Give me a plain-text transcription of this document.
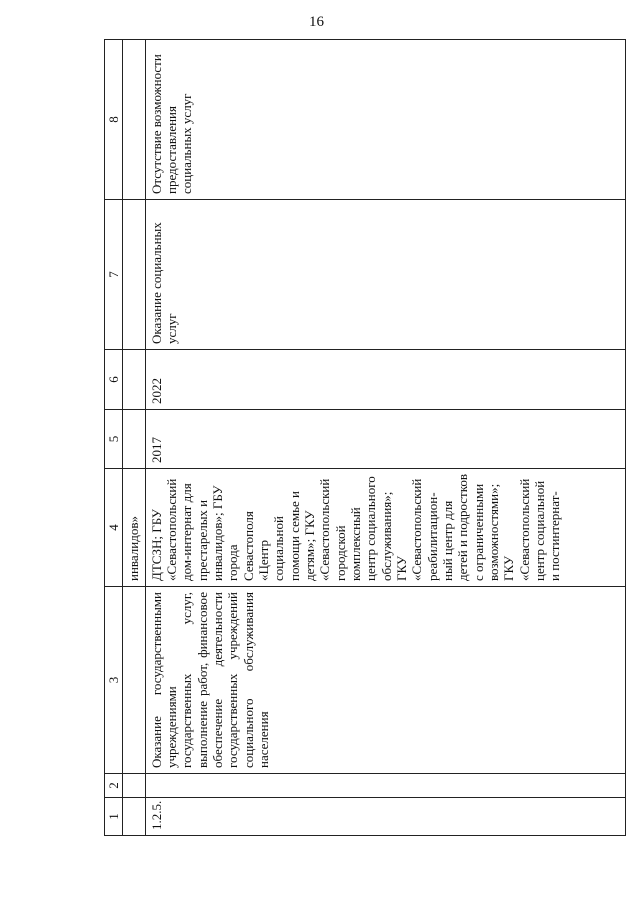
16
1	2	3	4	5	6	7	8
			инвалидов»				
1.2.5.		Оказание государственными учреждениями государственных услуг, выполнение работ, финансовое обеспечение деятельности государственных учреждений социального обслуживания населения	ДТСЗН; ГБУ «Севастопольский дом-интернат для престарелых и инвалидов»; ГБУ города Севастополя «Центр социальной помощи семье и детям»; ГКУ «Севастопольский городской комплексный центр социального обслуживания»; ГКУ «Севастопольский реабилитацион-ный центр для детей и подростков с ограниченными возможностями»; ГКУ «Севастопольский центр социальной и постинтернат-	2017	2022	Оказание социальных услуг	Отсутствие возможности предоставления социальных услуг
